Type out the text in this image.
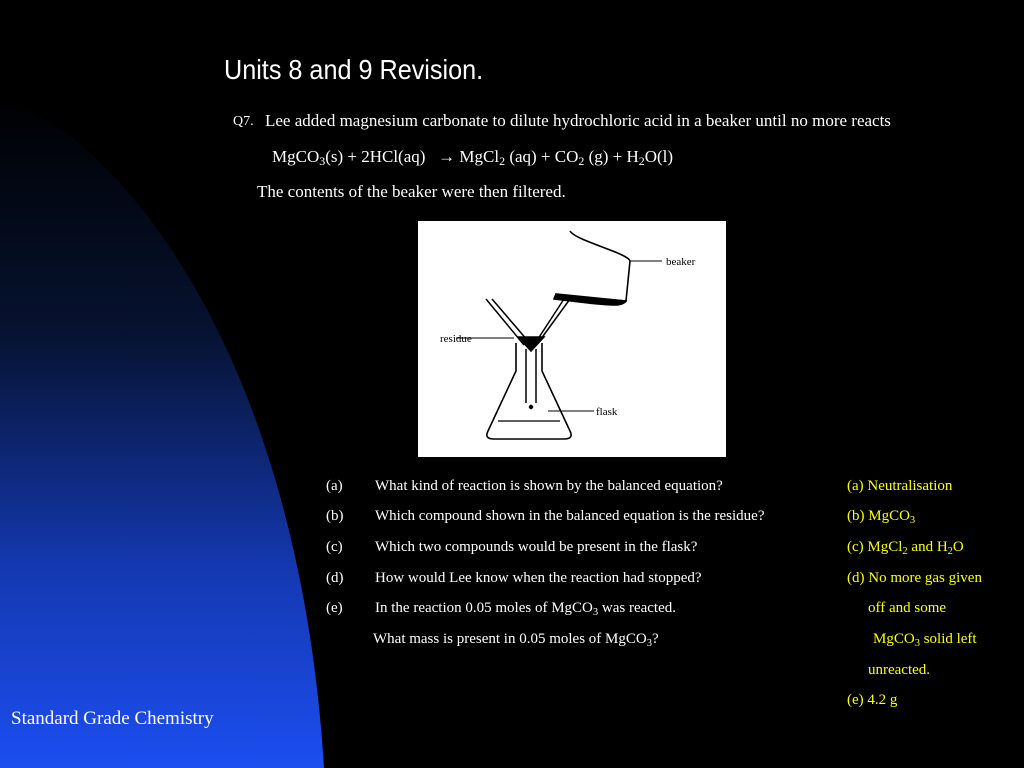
Units 8 and 9 Revision.
Q7. Lee added magnesium carbonate to dilute hydrochloric acid in a beaker until no more reacts
MgCO$_3$(s) + 2HCl(aq) → MgCl$_2$ $(aq) + CO_2$ $(g) + H_2O(l)$
The contents of the beaker were then filtered.
beaker
residue
flask
(a) What kind of reaction is shown by the balanced equation?
(b) Which compound shown in the balanced equation is the residue?
(c) Which two compounds would be present in the flask?
(d) How would Lee know when the reaction had stopped?
(e) In the reaction 0.05 moles of MgCO$_3$ was reacted.
What mass is present in 0.05 moles of MgCO$_3$?
(a) Neutralisation
(b) MgCO$_3$
(c) MgCl$_2$ and $H_2O$
(d) No more gas given
off and some
MgCO$_3$ solid left
unreacted.
(e) 4.2 g
Standard Grade Chemistry
